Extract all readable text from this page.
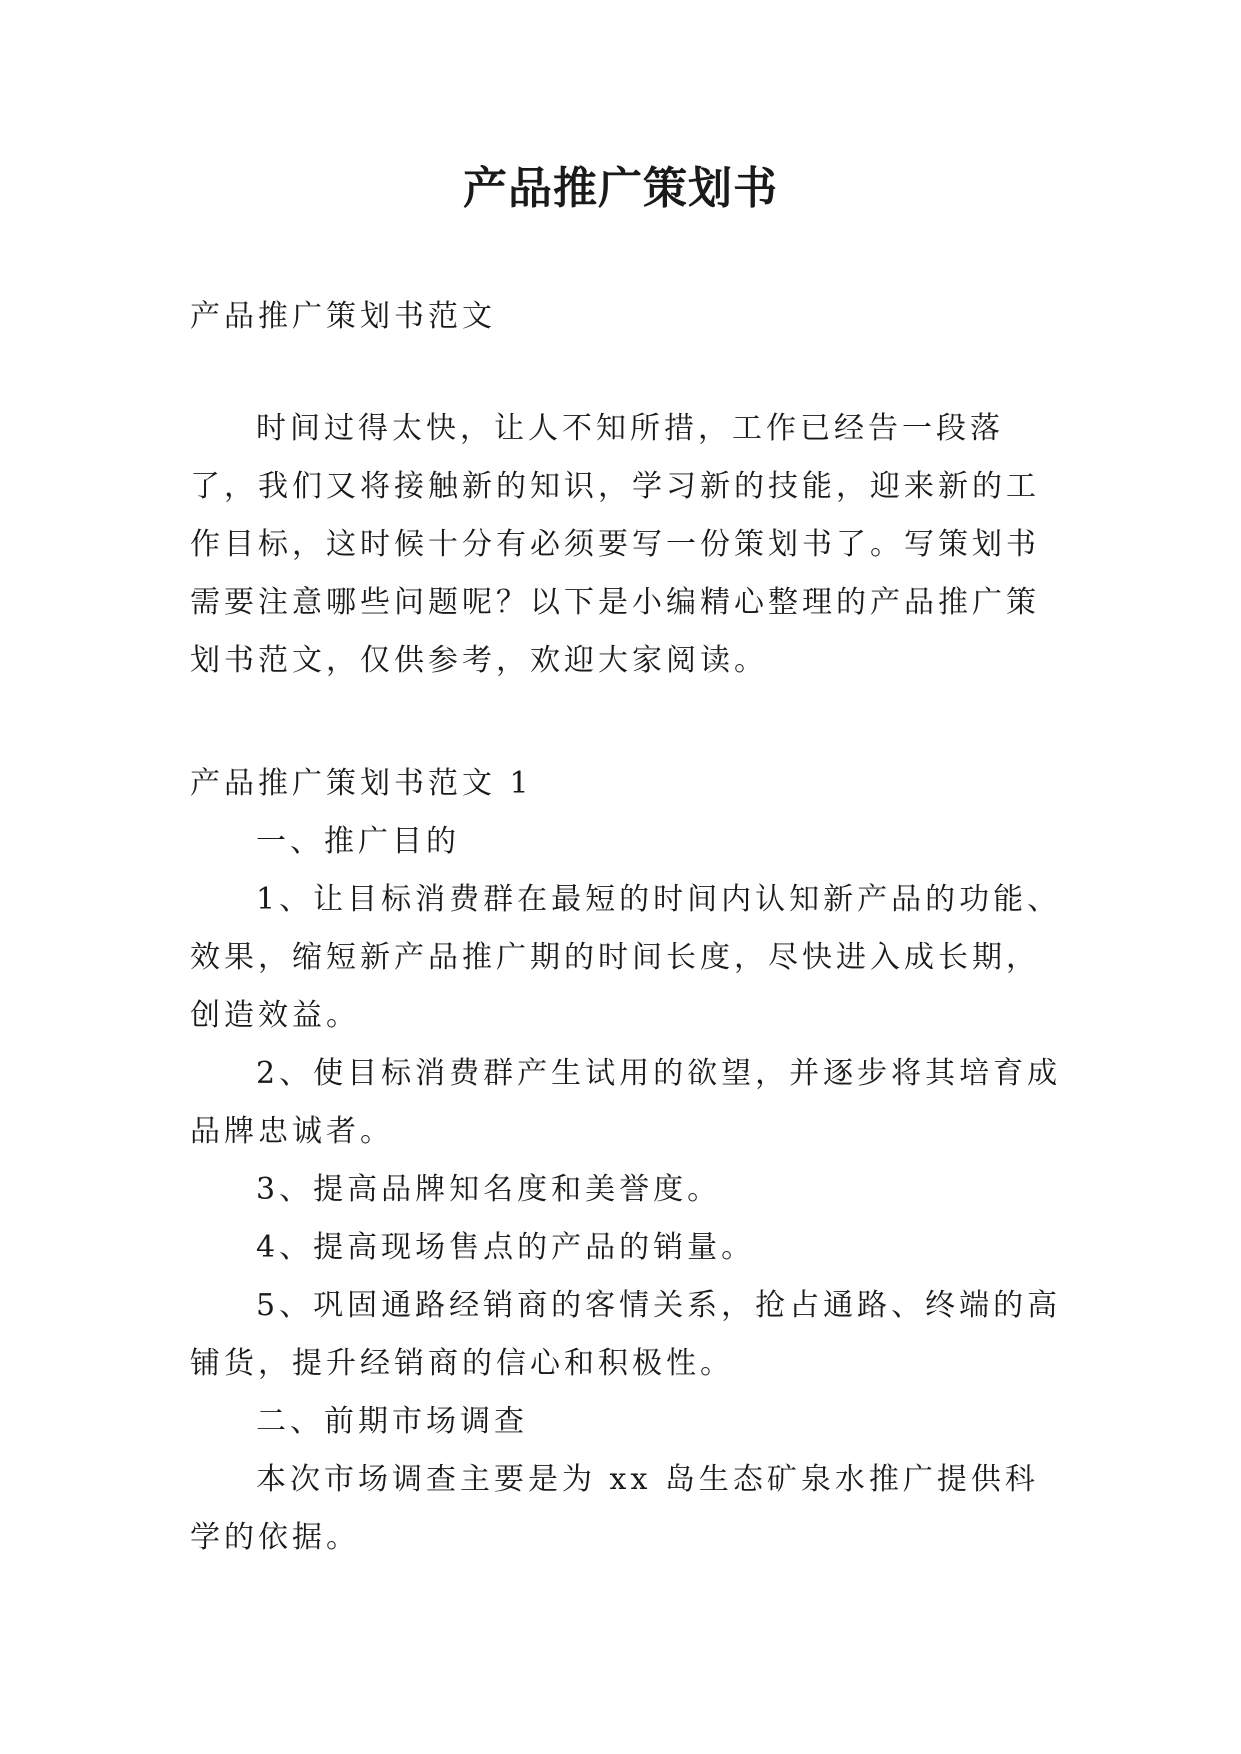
产品推广策划书
产品推广策划书范文

时间过得太快，让人不知所措，工作已经告一段落了，我们又将接触新的知识，学习新的技能，迎来新的工作目标，这时候十分有必须要写一份策划书了。写策划书需要注意哪些问题呢？以下是小编精心整理的产品推广策划书范文，仅供参考，欢迎大家阅读。

产品推广策划书范文 1

一、推广目的

1、让目标消费群在最短的时间内认知新产品的功能、效果，缩短新产品推广期的时间长度，尽快进入成长期，创造效益。

2、使目标消费群产生试用的欲望，并逐步将其培育成品牌忠诚者。

3、提高品牌知名度和美誉度。

4、提高现场售点的产品的销量。

5、巩固通路经销商的客情关系，抢占通路、终端的高铺货，提升经销商的信心和积极性。

二、前期市场调查

本次市场调查主要是为 xx 岛生态矿泉水推广提供科学的依据。
